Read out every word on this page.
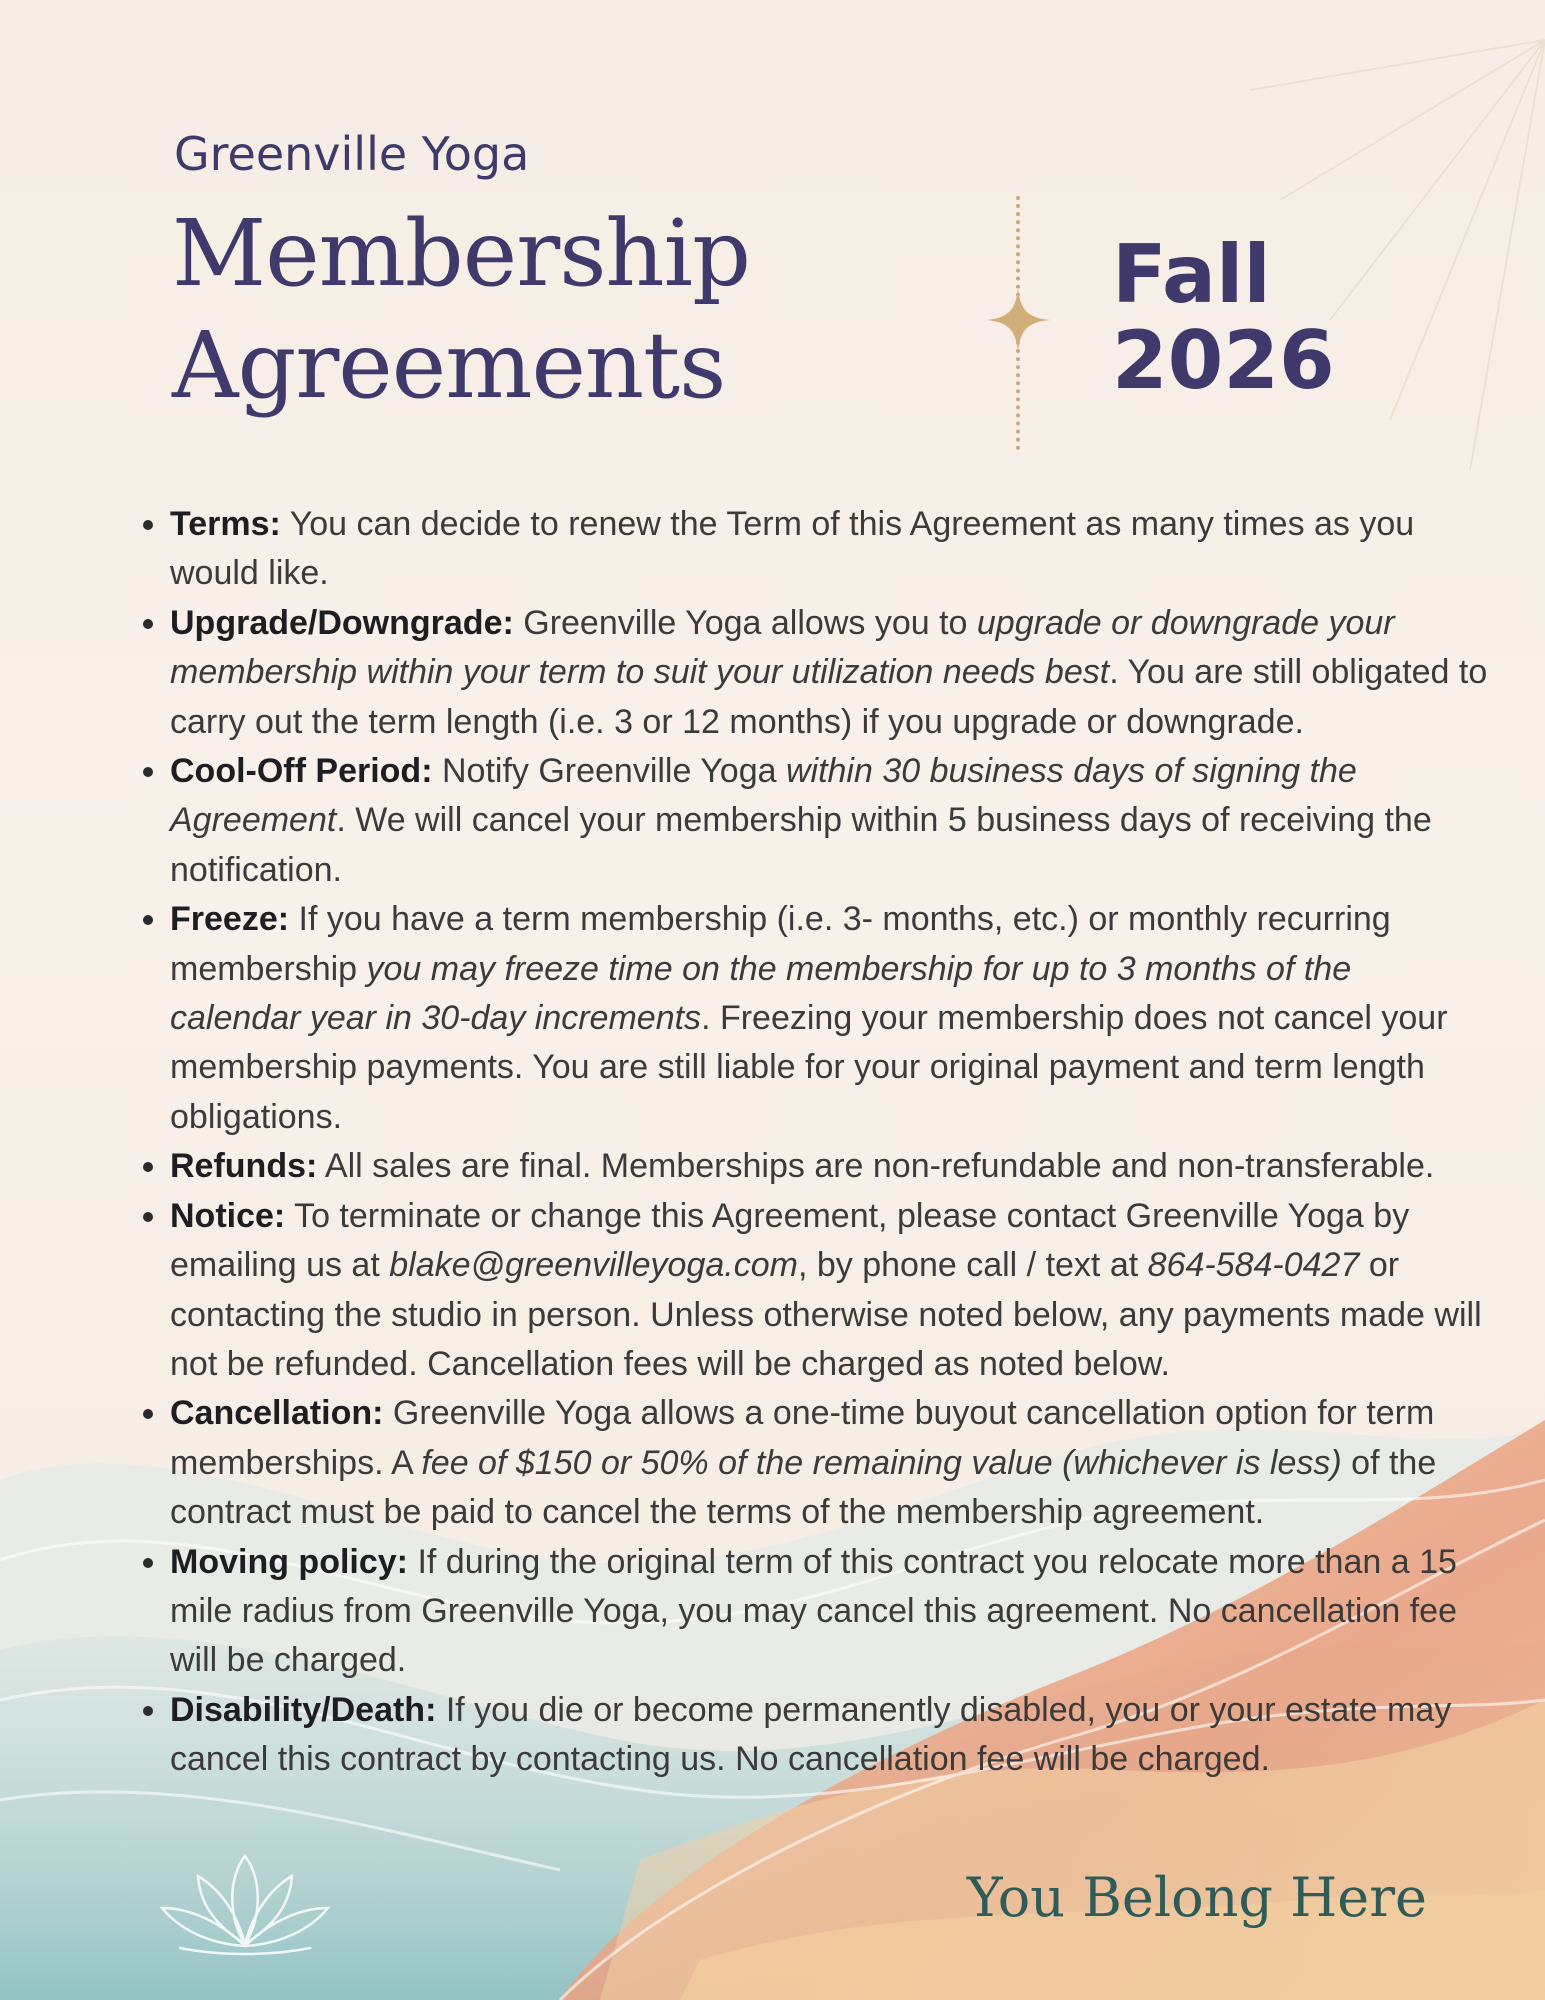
Greenville Yoga
Membership
Agreements
Fall
2026
• Terms: You can decide to renew the Term of this Agreement as many times as you would like.
• Upgrade/Downgrade: Greenville Yoga allows you to upgrade or downgrade your membership within your term to suit your utilization needs best. You are still obligated to carry out the term length (i.e. 3 or 12 months) if you upgrade or downgrade.
• Cool-Off Period: Notify Greenville Yoga within 30 business days of signing the Agreement. We will cancel your membership within 5 business days of receiving the notification.
• Freeze: If you have a term membership (i.e. 3- months, etc.) or monthly recurring membership you may freeze time on the membership for up to 3 months of the calendar year in 30-day increments. Freezing your membership does not cancel your membership payments. You are still liable for your original payment and term length obligations.
• Refunds: All sales are final. Memberships are non-refundable and non-transferable.
• Notice: To terminate or change this Agreement, please contact Greenville Yoga by emailing us at blake@greenvilleyoga.com, by phone call / text at 864-584-0427 or contacting the studio in person. Unless otherwise noted below, any payments made will not be refunded. Cancellation fees will be charged as noted below.
• Cancellation: Greenville Yoga allows a one-time buyout cancellation option for term memberships. A fee of $150 or 50% of the remaining value (whichever is less) of the contract must be paid to cancel the terms of the membership agreement.
• Moving policy: If during the original term of this contract you relocate more than a 15 mile radius from Greenville Yoga, you may cancel this agreement. No cancellation fee will be charged.
• Disability/Death: If you die or become permanently disabled, you or your estate may cancel this contract by contacting us. No cancellation fee will be charged.

You Belong Here
